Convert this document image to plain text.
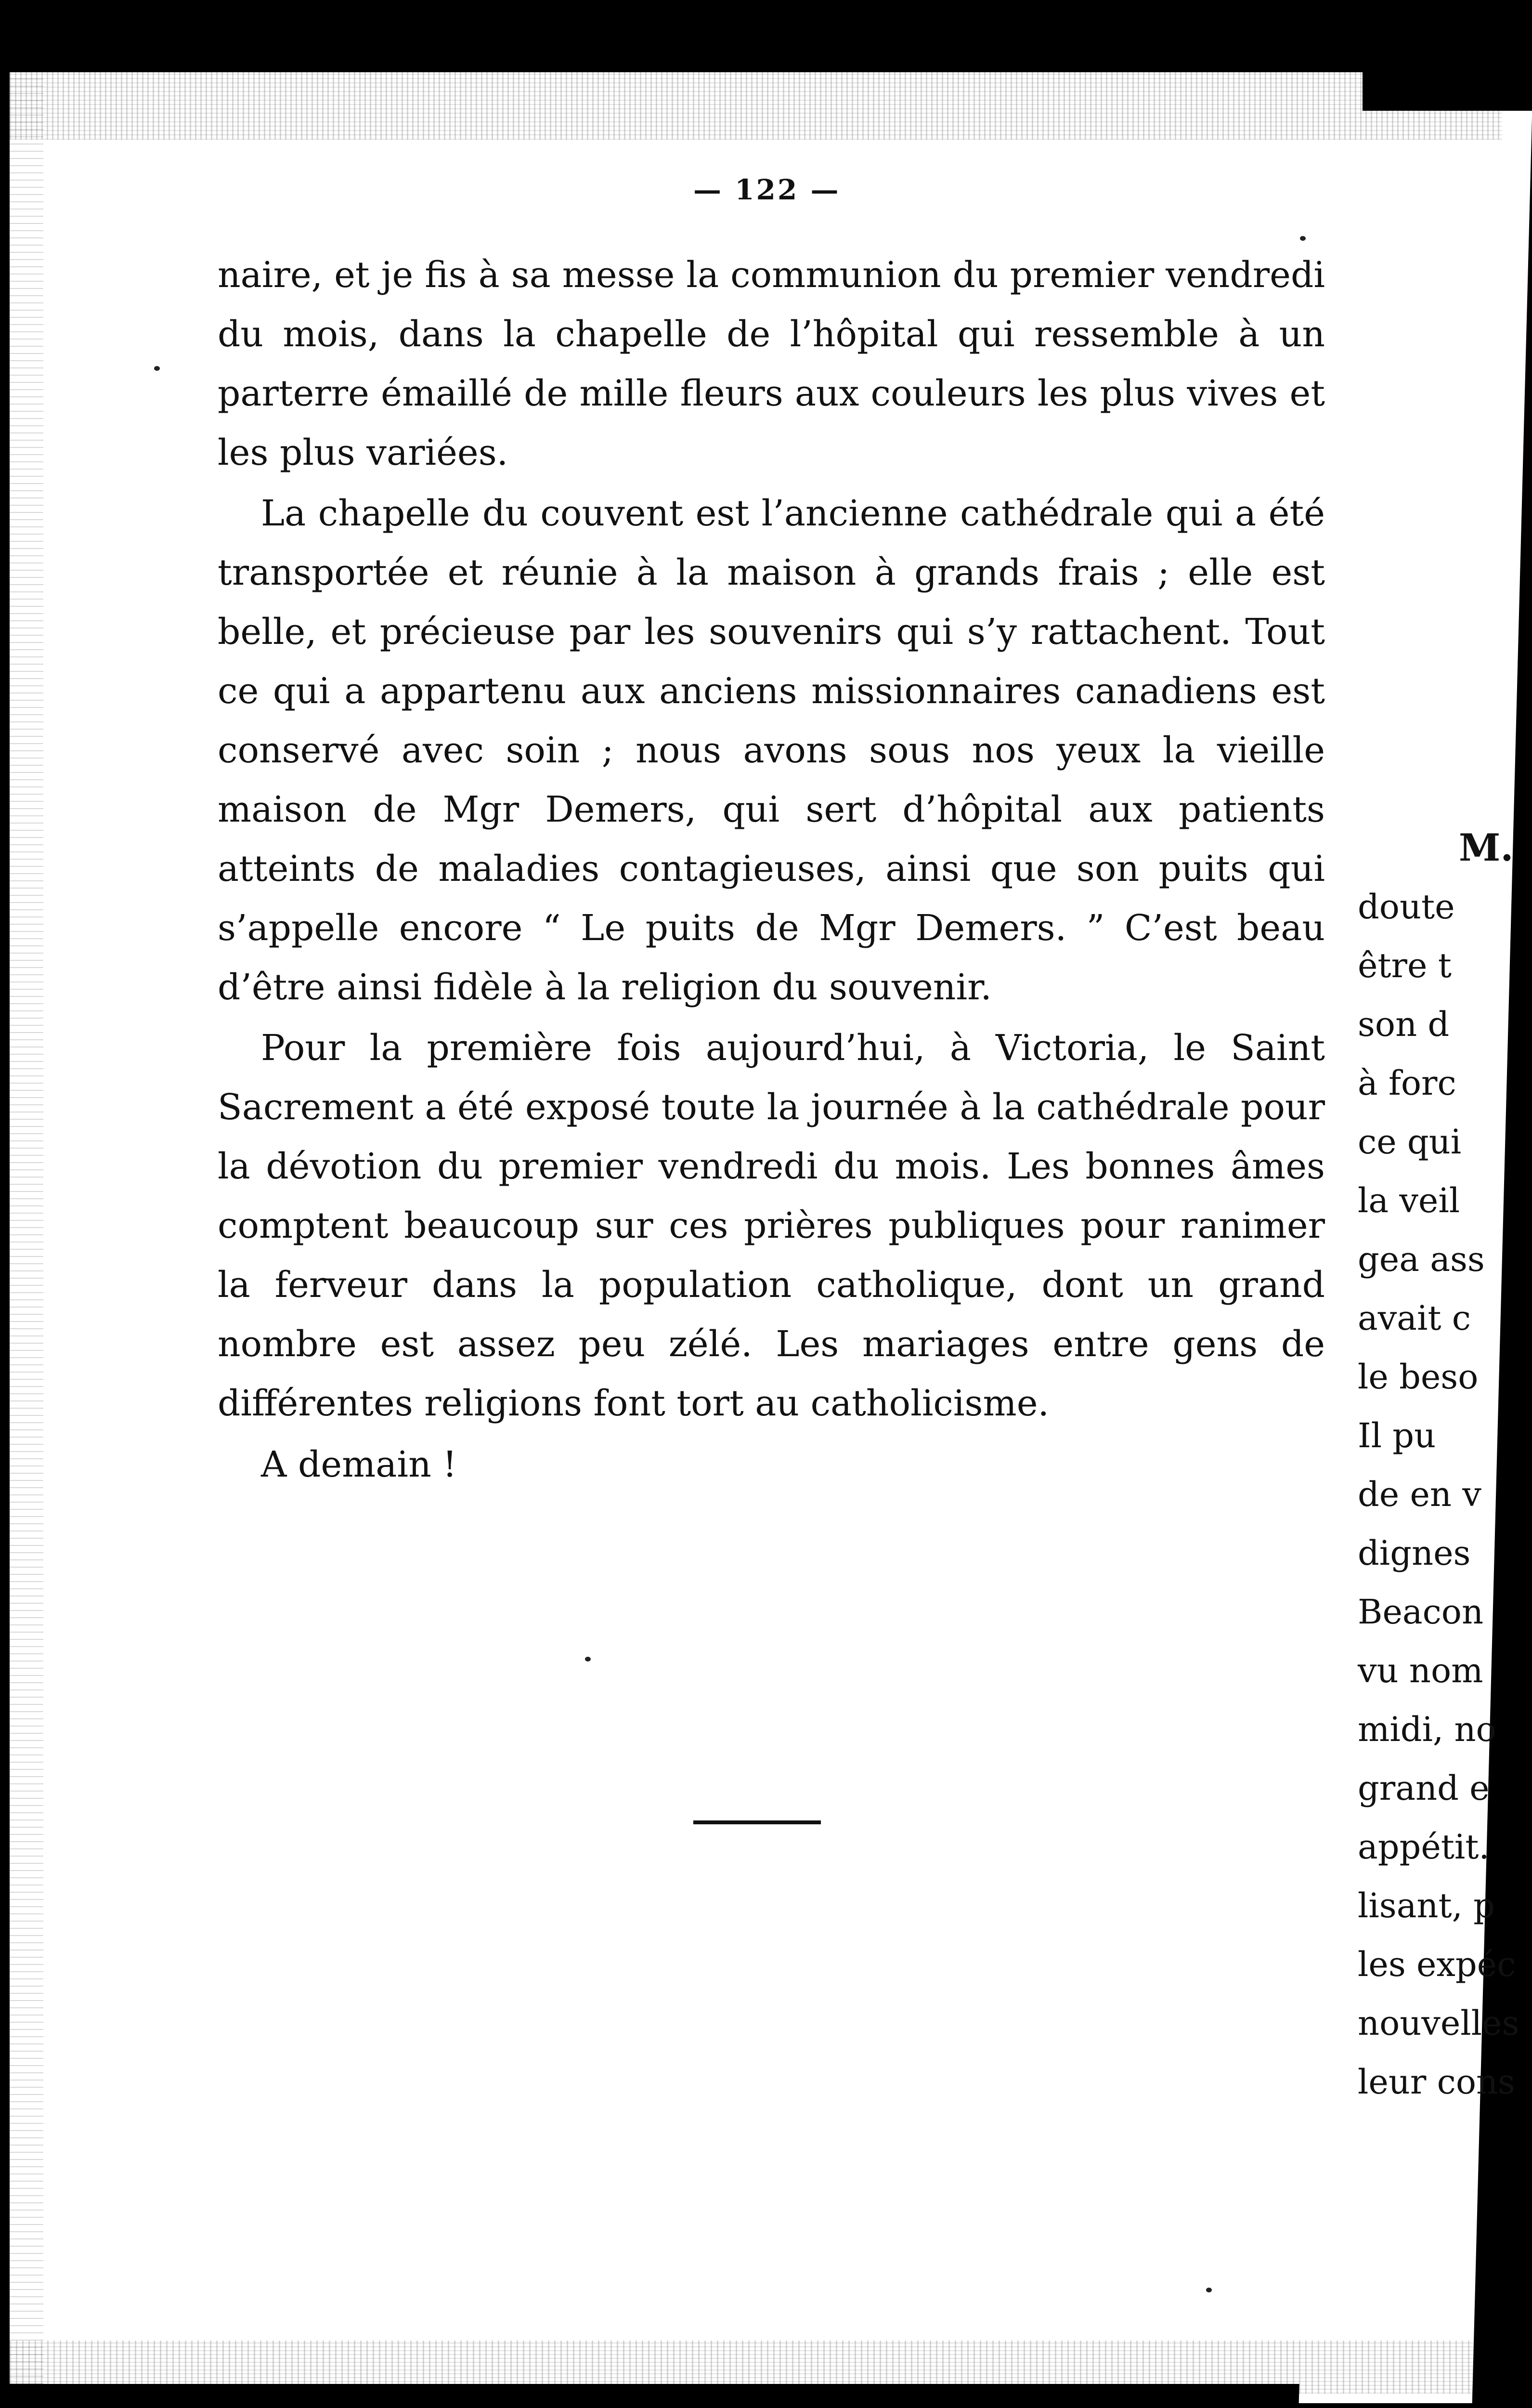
— 122 —

naire, et je fis à sa messe la communion du premier vendredi du mois, dans la chapelle de l’hôpital qui ressemble à un parterre émaillé de mille fleurs aux couleurs les plus vives et les plus variées.

La chapelle du couvent est l’ancienne cathédrale qui a été transportée et réunie à la maison à grands frais ; elle est belle, et précieuse par les souvenirs qui s’y rattachent. Tout ce qui a appartenu aux anciens missionnaires canadiens est conservé avec soin ; nous avons sous nos yeux la vieille maison de Mgr Demers, qui sert d’hôpital aux patients atteints de maladies contagieuses, ainsi que son puits qui s’appelle encore “ Le puits de Mgr Demers. ” C’est beau d’être ainsi fidèle à la religion du souvenir.

Pour la première fois aujourd’hui, à Victoria, le Saint Sacrement a été exposé toute la journée à la cathédrale pour la dévotion du premier vendredi du mois. Les bonnes âmes comptent beaucoup sur ces prières publiques pour ranimer la ferveur dans la population catholique, dont un grand nombre est assez peu zélé. Les mariages entre gens de différentes religions font tort au catholicisme.

A demain !

M.
doute
être t
son d
à forc
ce qui
la veil
gea ass
avait c
le beso
Il pu
de en v
dignes
Beacon
vu nom
midi, no
grand e
appétit.
lisant, p
les expéc
nouvelles
leur cons
